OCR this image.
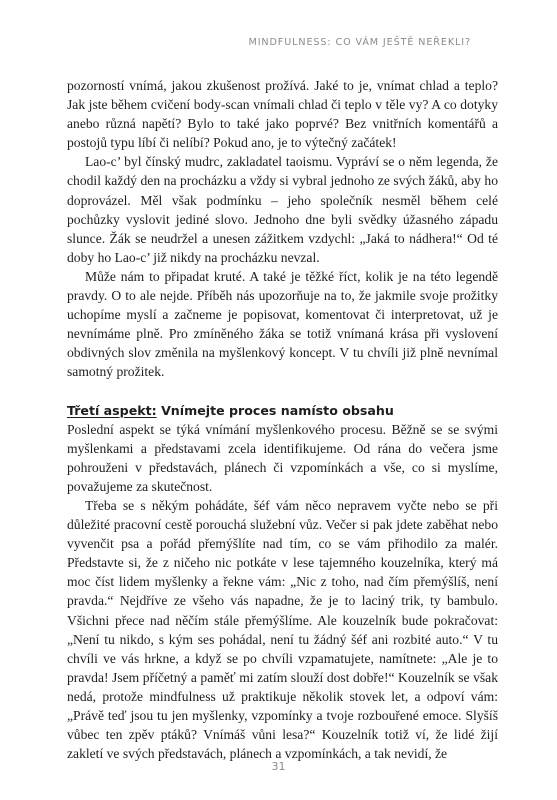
MINDFULNESS: CO VÁM JEŠTĚ NEŘEKLI?

pozorností vnímá, jakou zkušenost prožívá. Jaké to je, vnímat chlad a teplo? Jak jste během cvičení body-scan vnímali chlad či teplo v těle vy? A co dotyky anebo různá napětí? Bylo to také jako poprvé? Bez vnitřních komentářů a postojů typu líbí či nelíbí? Pokud ano, je to výtečný začátek!

Lao-c’ byl čínský mudrc, zakladatel taoismu. Vypráví se o něm legenda, že chodil každý den na procházku a vždy si vybral jednoho ze svých žáků, aby ho doprovázel. Měl však podmínku – jeho společník nesměl během celé pochůzky vyslovit jediné slovo. Jednoho dne byli svědky úžasného západu slunce. Žák se neudržel a unesen zážitkem vzdychl: „Jaká to nádhera!“ Od té doby ho Lao-c’ již nikdy na procházku nevzal.

Může nám to připadat kruté. A také je těžké říct, kolik je na této legendě pravdy. O to ale nejde. Příběh nás upozorňuje na to, že jakmile svoje prožitky uchopíme myslí a začneme je popisovat, komentovat či interpretovat, už je nevnímáme plně. Pro zmíněného žáka se totiž vnímaná krása při vyslovení obdivných slov změnila na myšlenkový koncept. V tu chvíli již plně nevnímal samotný prožitek.

Třetí aspekt: Vnímejte proces namísto obsahu

Poslední aspekt se týká vnímání myšlenkového procesu. Běžně se se svými myšlenkami a představami zcela identifikujeme. Od rána do večera jsme pohrouženi v představách, plánech či vzpomínkách a vše, co si myslíme, považujeme za skutečnost.

Třeba se s někým pohádáte, šéf vám něco nepravem vyčte nebo se při důležité pracovní cestě porouchá služební vůz. Večer si pak jdete zaběhat nebo vyvenčit psa a pořád přemýšlíte nad tím, co se vám přihodilo za malér. Představte si, že z ničeho nic potkáte v lese tajemného kouzelníka, který má moc číst lidem myšlenky a řekne vám: „Nic z toho, nad čím přemýšlíš, není pravda.“ Nejdříve ze všeho vás napadne, že je to laciný trik, ty bambulo. Všichni přece nad něčím stále přemýšlíme. Ale kouzelník bude pokračovat: „Není tu nikdo, s kým ses pohádal, není tu žádný šéf ani rozbité auto.“ V tu chvíli ve vás hrkne, a když se po chvíli vzpamatujete, namítnete: „Ale je to pravda! Jsem příčetný a paměť mi zatím slouží dost dobře!“ Kouzelník se však nedá, protože mindfulness už praktikuje několik stovek let, a odpoví vám: „Právě teď jsou tu jen myšlenky, vzpomínky a tvoje rozbouřené emoce. Slyšíš vůbec ten zpěv ptáků? Vnímáš vůni lesa?“ Kouzelník totiž ví, že lidé žijí zakletí ve svých představách, plánech a vzpomínkách, a tak nevidí, že

31
